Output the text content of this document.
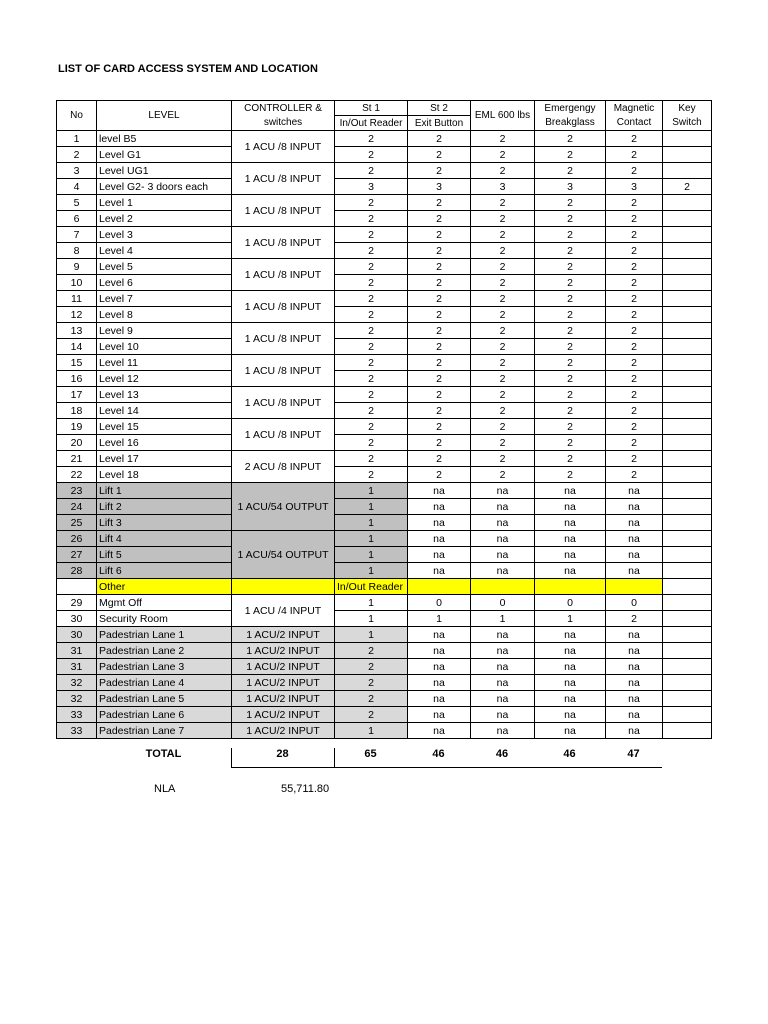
LIST OF CARD ACCESS SYSTEM AND LOCATION
No	LEVEL	CONTROLLER &	St 1	St 2	EML 600 lbs	Emergengy	Magnetic	Key
		switches	In/Out Reader	Exit Button		Breakglass	Contact	Switch
1	level B5	1 ACU /8 INPUT	2	2	2	2	2	
2	Level G1		2	2	2	2	2	
3	Level UG1	1 ACU /8 INPUT	2	2	2	2	2	
4	Level G2- 3 doors each		3	3	3	3	3	2
5	Level 1	1 ACU /8 INPUT	2	2	2	2	2	
6	Level 2		2	2	2	2	2	
7	Level 3	1 ACU /8 INPUT	2	2	2	2	2	
8	Level 4		2	2	2	2	2	
9	Level 5	1 ACU /8 INPUT	2	2	2	2	2	
10	Level 6		2	2	2	2	2	
11	Level 7	1 ACU /8 INPUT	2	2	2	2	2	
12	Level 8		2	2	2	2	2	
13	Level 9	1 ACU /8 INPUT	2	2	2	2	2	
14	Level 10		2	2	2	2	2	
15	Level 11	1 ACU /8 INPUT	2	2	2	2	2	
16	Level 12		2	2	2	2	2	
17	Level 13	1 ACU /8 INPUT	2	2	2	2	2	
18	Level 14		2	2	2	2	2	
19	Level 15	1 ACU /8 INPUT	2	2	2	2	2	
20	Level 16		2	2	2	2	2	
21	Level 17	2 ACU /8 INPUT	2	2	2	2	2	
22	Level 18		2	2	2	2	2	
23	Lift 1	1 ACU/54 OUTPUT	1	na	na	na	na	
24	Lift 2		1	na	na	na	na	
25	Lift 3		1	na	na	na	na	
26	Lift 4	1 ACU/54 OUTPUT	1	na	na	na	na	
27	Lift 5		1	na	na	na	na	
28	Lift 6		1	na	na	na	na	
	Other		In/Out Reader					
29	Mgmt Off	1 ACU /4 INPUT	1	0	0	0	0	
30	Security Room		1	1	1	1	2	
30	Padestrian Lane 1	1 ACU/2 INPUT	1	na	na	na	na	
31	Padestrian Lane 2	1 ACU/2 INPUT	2	na	na	na	na	
31	Padestrian Lane 3	1 ACU/2 INPUT	2	na	na	na	na	
32	Padestrian Lane 4	1 ACU/2 INPUT	2	na	na	na	na	
32	Padestrian Lane 5	1 ACU/2 INPUT	2	na	na	na	na	
33	Padestrian Lane 6	1 ACU/2 INPUT	2	na	na	na	na	
33	Padestrian Lane 7	1 ACU/2 INPUT	1	na	na	na	na	
TOTAL	28	65	46	46	46	47
NLA	55,711.80
